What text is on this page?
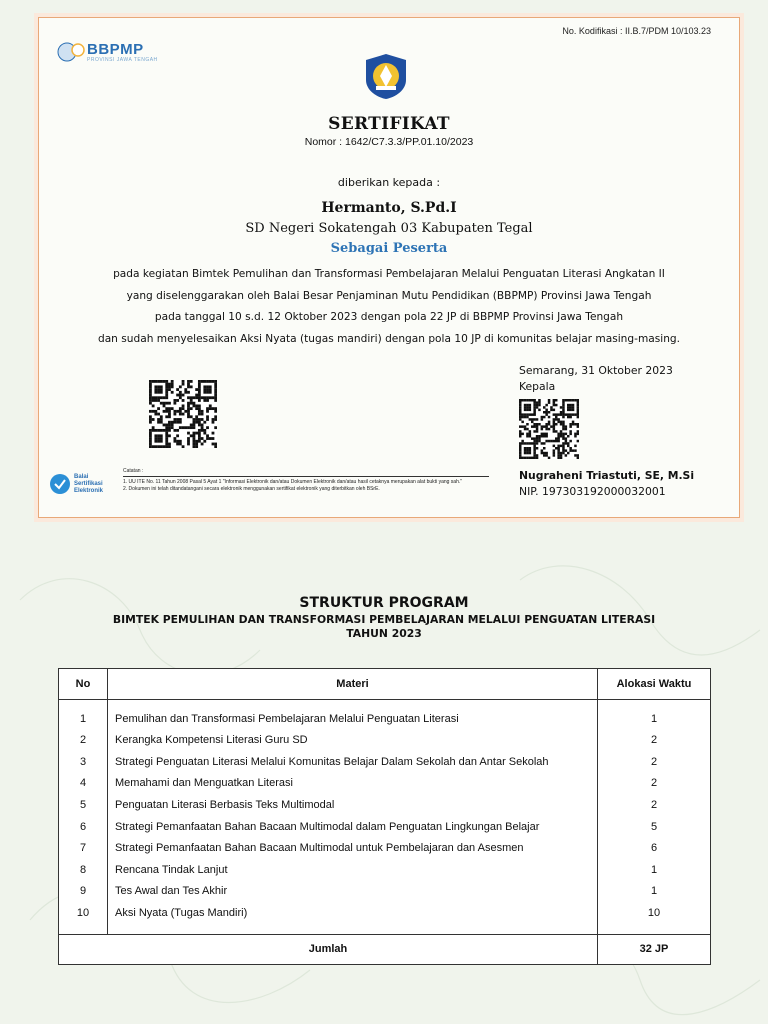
No. Kodifikasi : II.B.7/PDM 10/103.23
BBPMP
PROVINSI JAWA TENGAH
SERTIFIKAT
Nomor : 1642/C7.3.3/PP.01.10/2023
diberikan kepada :
Hermanto, S.Pd.I
SD Negeri Sokatengah 03 Kabupaten Tegal
Sebagai Peserta
pada kegiatan Bimtek Pemulihan dan Transformasi Pembelajaran Melalui Penguatan Literasi Angkatan II
yang diselenggarakan oleh Balai Besar Penjaminan Mutu Pendidikan (BBPMP) Provinsi Jawa Tengah
pada tanggal 10 s.d. 12 Oktober 2023 dengan pola 22 JP di BBPMP Provinsi Jawa Tengah
dan sudah menyelesaikan Aksi Nyata (tugas mandiri) dengan pola 10 JP di komunitas belajar masing-masing.
Semarang, 31 Oktober 2023
Kepala
Nugraheni Triastuti, SE, M.Si
NIP. 197303192000032001
Balai
Sertifikasi
Elektronik
Catatan :
1. UU ITE No. 11 Tahun 2008 Pasal 5 Ayat 1 "Informasi Elektronik dan/atau Dokumen Elektronik dan/atau hasil cetaknya merupakan alat bukti yang sah."
2. Dokumen ini telah ditandatangani secara elektronik menggunakan sertifikat elektronik yang diterbitkan oleh BSrE.
STRUKTUR PROGRAM
BIMTEK PEMULIHAN DAN TRANSFORMASI PEMBELAJARAN MELALUI PENGUATAN LITERASI
TAHUN 2023
No	Materi	Alokasi Waktu
1	Pemulihan dan Transformasi Pembelajaran Melalui Penguatan Literasi	1
2	Kerangka Kompetensi Literasi Guru SD	2
3	Strategi Penguatan Literasi Melalui Komunitas Belajar Dalam Sekolah dan Antar Sekolah	2
4	Memahami dan Menguatkan Literasi	2
5	Penguatan Literasi Berbasis Teks Multimodal	2
6	Strategi Pemanfaatan Bahan Bacaan Multimodal dalam Penguatan Lingkungan Belajar	5
7	Strategi Pemanfaatan Bahan Bacaan Multimodal untuk Pembelajaran dan Asesmen	6
8	Rencana Tindak Lanjut	1
9	Tes Awal dan Tes Akhir	1
10	Aksi Nyata (Tugas Mandiri)	10
Jumlah		32 JP
